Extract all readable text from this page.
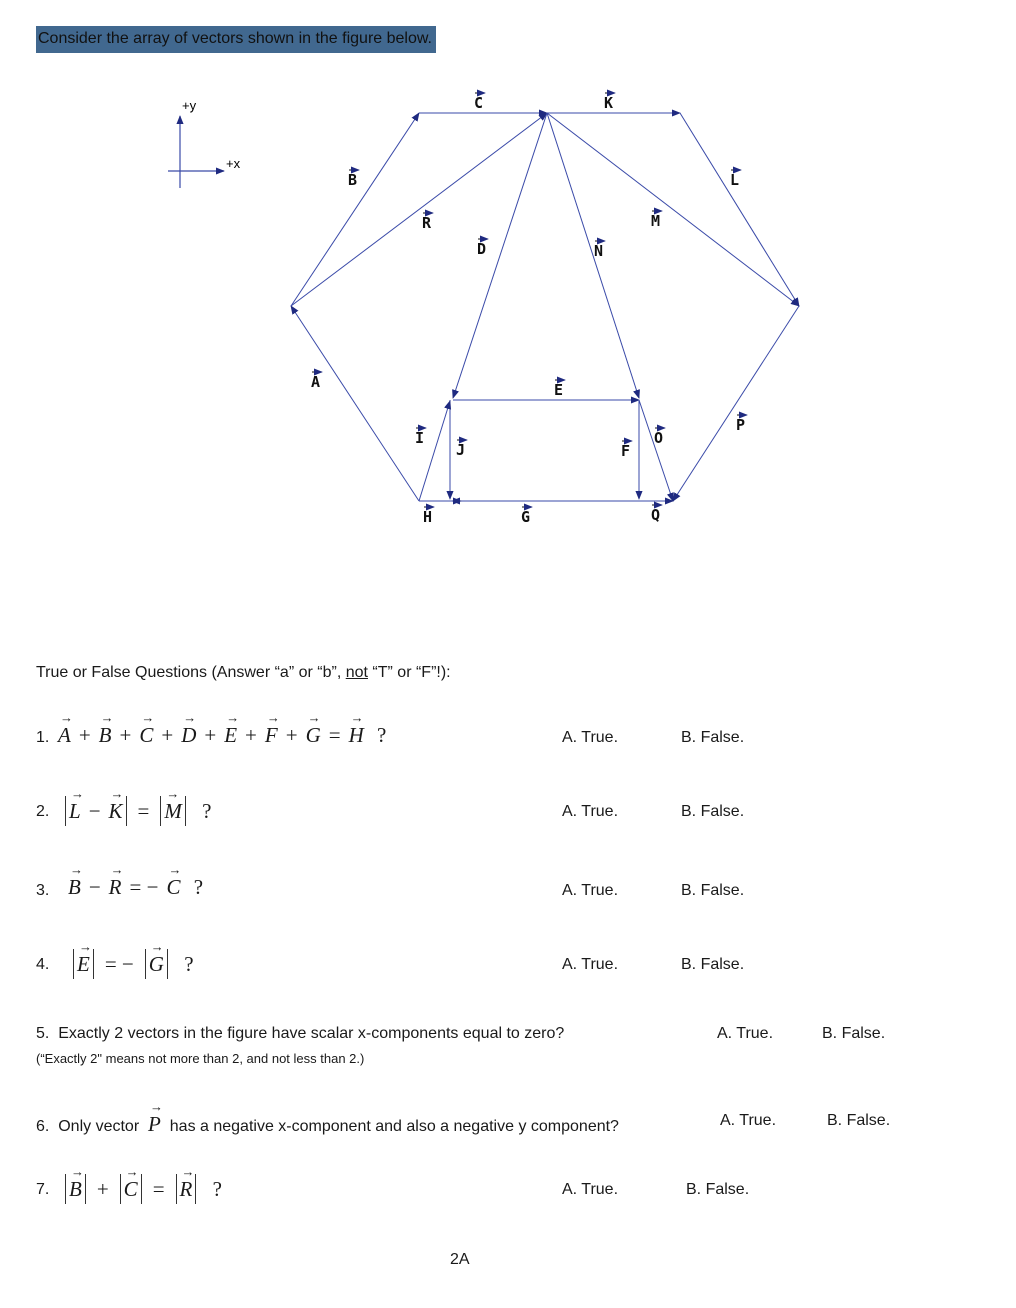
Consider the array of vectors shown in the figure below.
+y
+x
B
C	K
L
R	M
D	N
A	E
P
I
J
O
F
H	G	Q
True or False Questions (Answer “a” or “b”, not “T” or “F”!):
1. → A + → B + → C + → D + → E + → F + → G = → H ?	A. True.	B. False.
2. → L − → K = → M ?	A. True.	B. False.
3. → B − → R = − → C ?	A. True.	B. False.
4.	→ E = − → G ?	A. True.	B. False.
5. Exactly 2 vectors in the figure have scalar x-components equal to zero?
(“Exactly 2" means not more than 2, and not less than 2.)
A. True.	B. False.
6. Only vector → P has a negative x-component and also a negative y component?	A. True.	B. False.
7. → B + → C = → R ?	A. True.	B. False.
2A
